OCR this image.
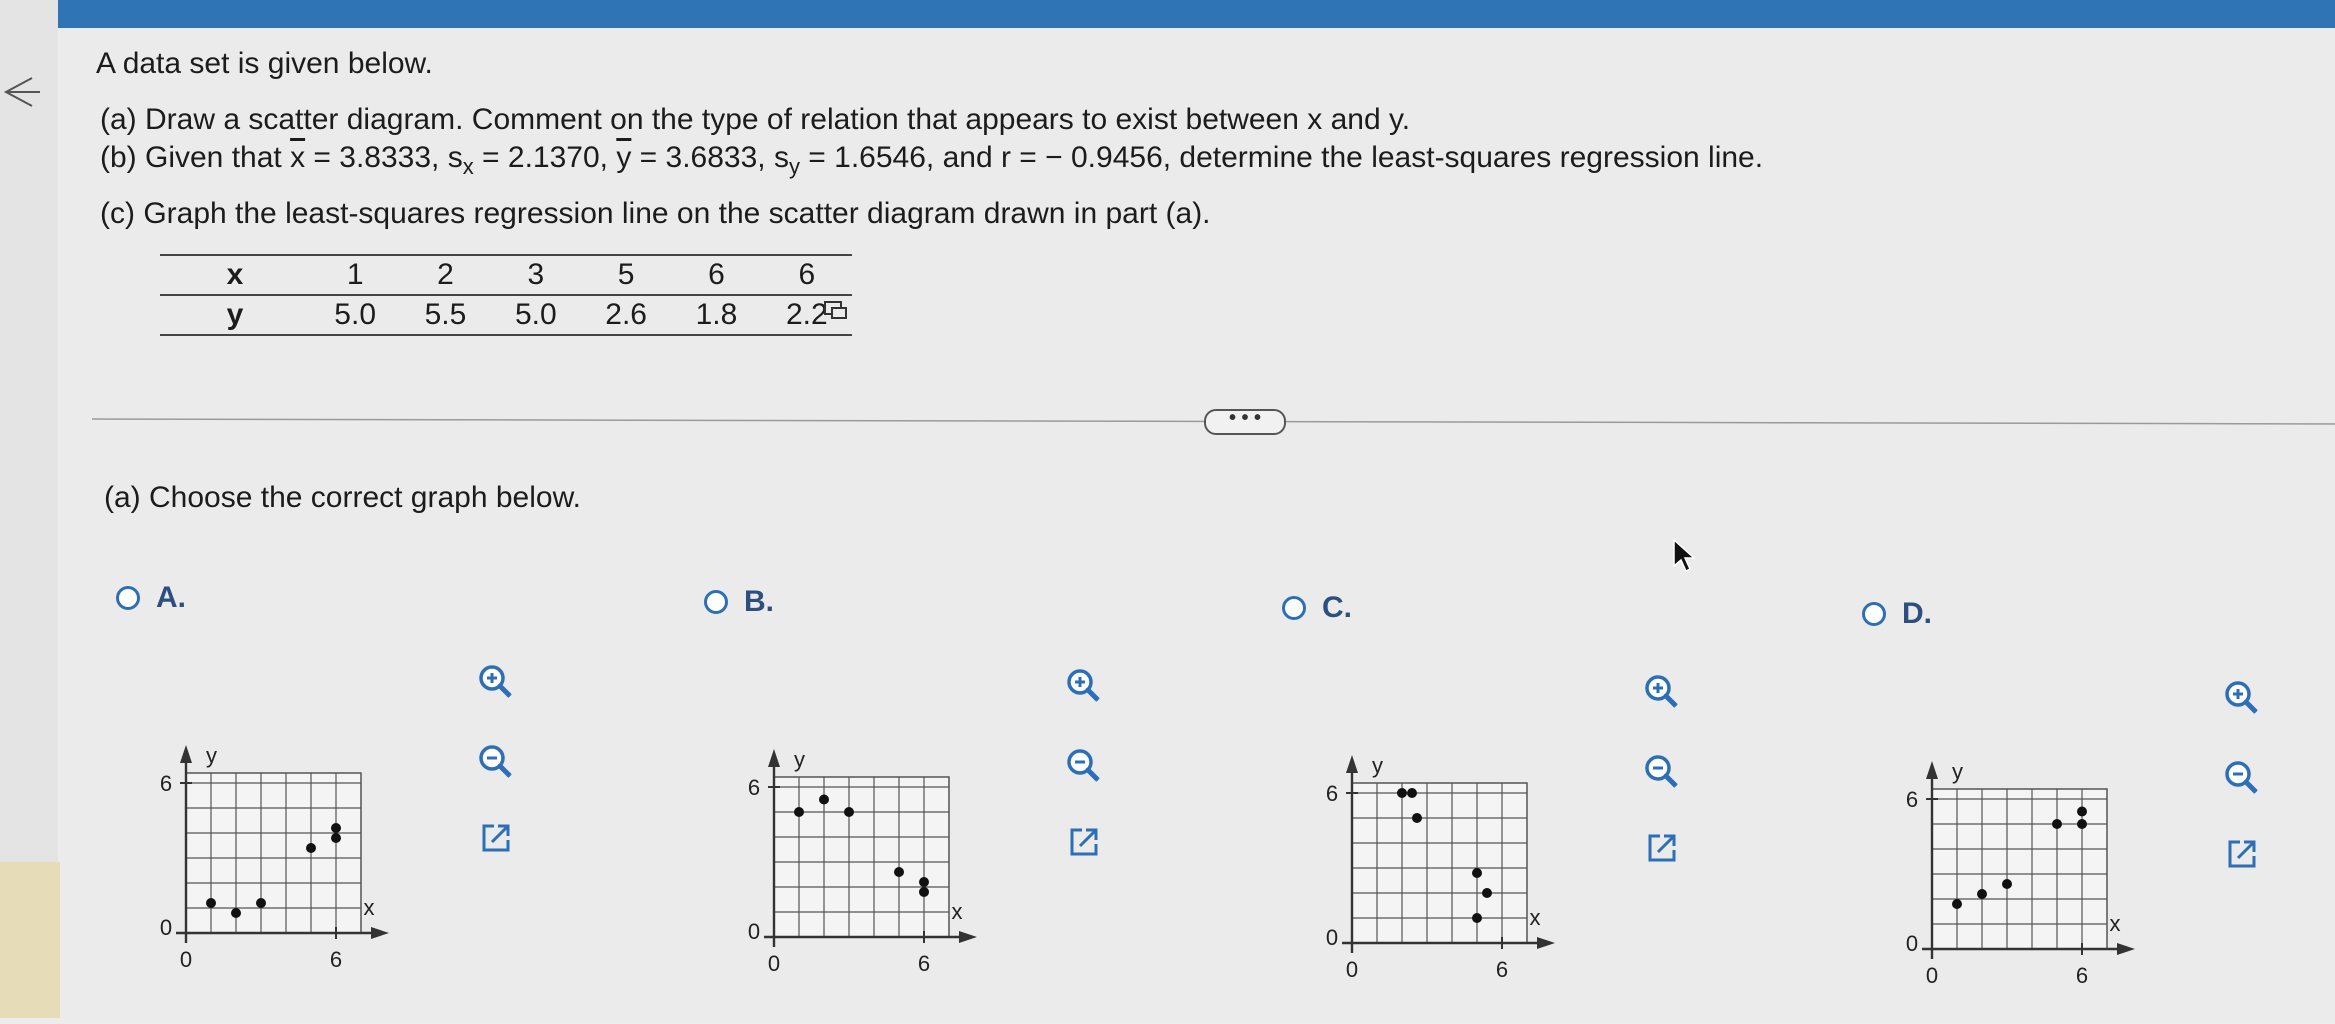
A data set is given below.
(a) Draw a scatter diagram. Comment on the type of relation that appears to exist between x and y.
(b) Given that $\overline{x} = 3.8333$, $s_x = 2.1370$, $\overline{y} = 3.6833$, $s_y = 1.6546$, and r = − 0.9456, determine the least-squares regression line.
(c) Graph the least-squares regression line on the scatter diagram drawn in part (a).
x	1	2	3	5	6	6
y	5.0	5.5	5.0	2.6	1.8	2.2
• • •
(a) Choose the correct graph below.
A.
y
x
6
6
0
0
B.
y
x
6
6
0
0
C.
y
x
6
6
0
0
D.
y
x
6
6
0
0
